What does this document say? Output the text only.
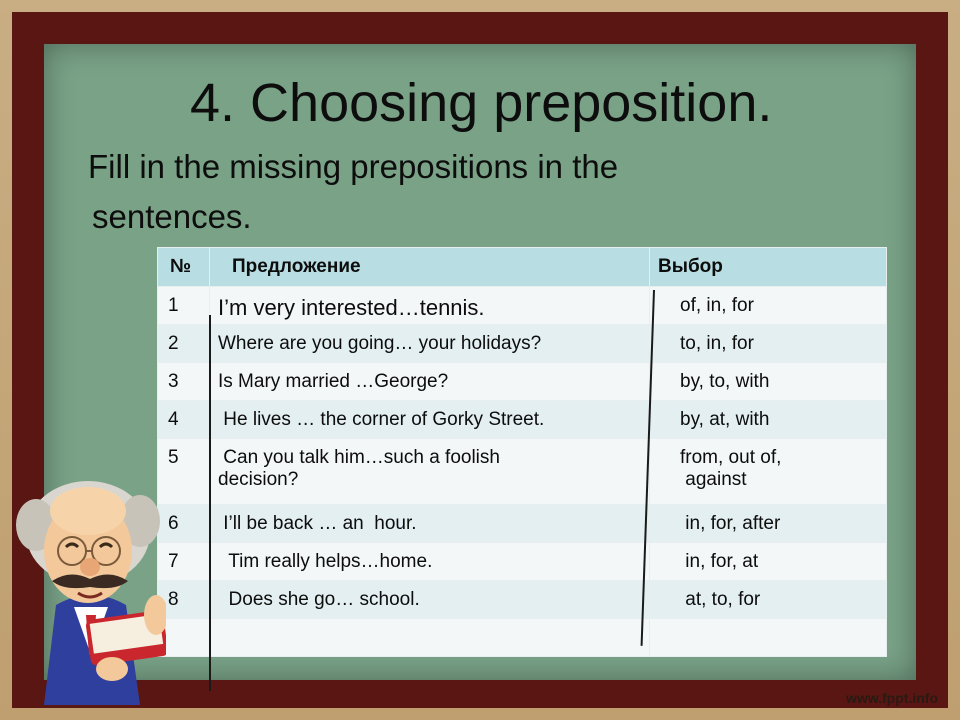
4. Choosing preposition.
Fill in the missing prepositions in the
sentences.
№	Предложение	Выбор
1	I’m very interested…tennis.	of, in, for
2	Where are you going… your holidays?	to, in, for
3	Is Mary married …George?	by, to, with
4	He lives … the corner of Gorky Street.	by, at, with
5	Can you talk him…such a foolish
decision?	from, out of,
against
6	I’ll be back … an  hour.	in, for, after
7	Tim really helps…home.	in, for, at
8	Does she go… school.	at, to, for

www.fppt.info
